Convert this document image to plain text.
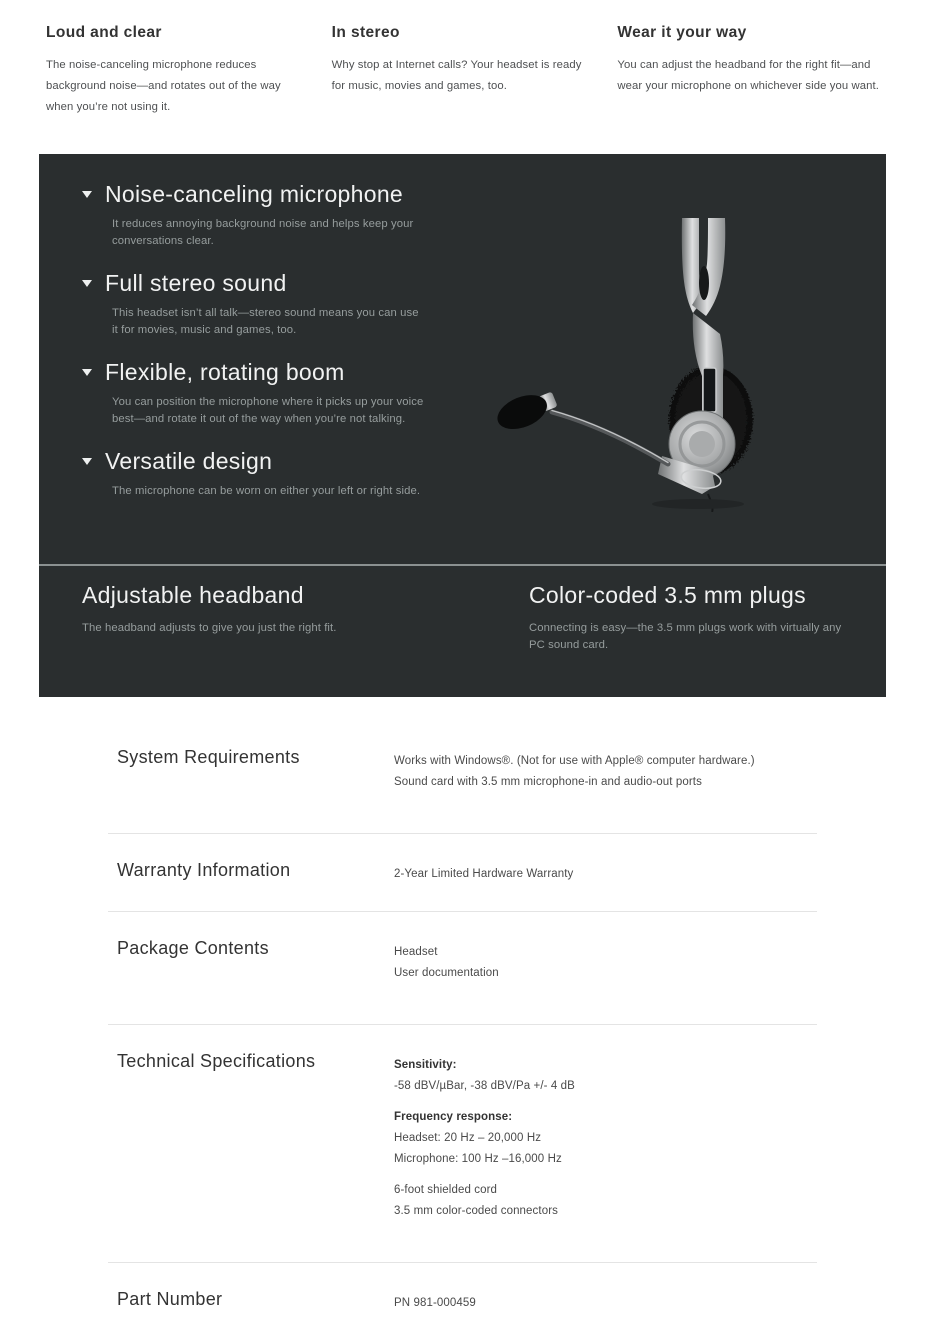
Loud and clear

The noise-canceling microphone reduces background noise—and rotates out of the way when you’re not using it.

In stereo

Why stop at Internet calls? Your headset is ready for music, movies and games, too.

Wear it your way

You can adjust the headband for the right fit—and wear your microphone on whichever side you want.

Noise-canceling microphone

It reduces annoying background noise and helps keep your conversations clear.

Full stereo sound

This headset isn’t all talk—stereo sound means you can use it for movies, music and games, too.

Flexible, rotating boom

You can position the microphone where it picks up your voice best—and rotate it out of the way when you’re not talking.

Versatile design

The microphone can be worn on either your left or right side.

Adjustable headband

The headband adjusts to give you just the right fit.

Color-coded 3.5 mm plugs

Connecting is easy—the 3.5 mm plugs work with virtually any PC sound card.

System Requirements	Works with Windows®. (Not for use with Apple® computer hardware.)

Sound card with 3.5 mm microphone-in and audio-out ports

Warranty Information	2-Year Limited Hardware Warranty

Package Contents	Headset

User documentation

Technical Specifications	Sensitivity:

-58 dBV/µBar, -38 dBV/Pa +/- 4 dB

Frequency response:

Headset: 20 Hz – 20,000 Hz

Microphone: 100 Hz –16,000 Hz

6-foot shielded cord

3.5 mm color-coded connectors

Part Number	PN 981-000459
